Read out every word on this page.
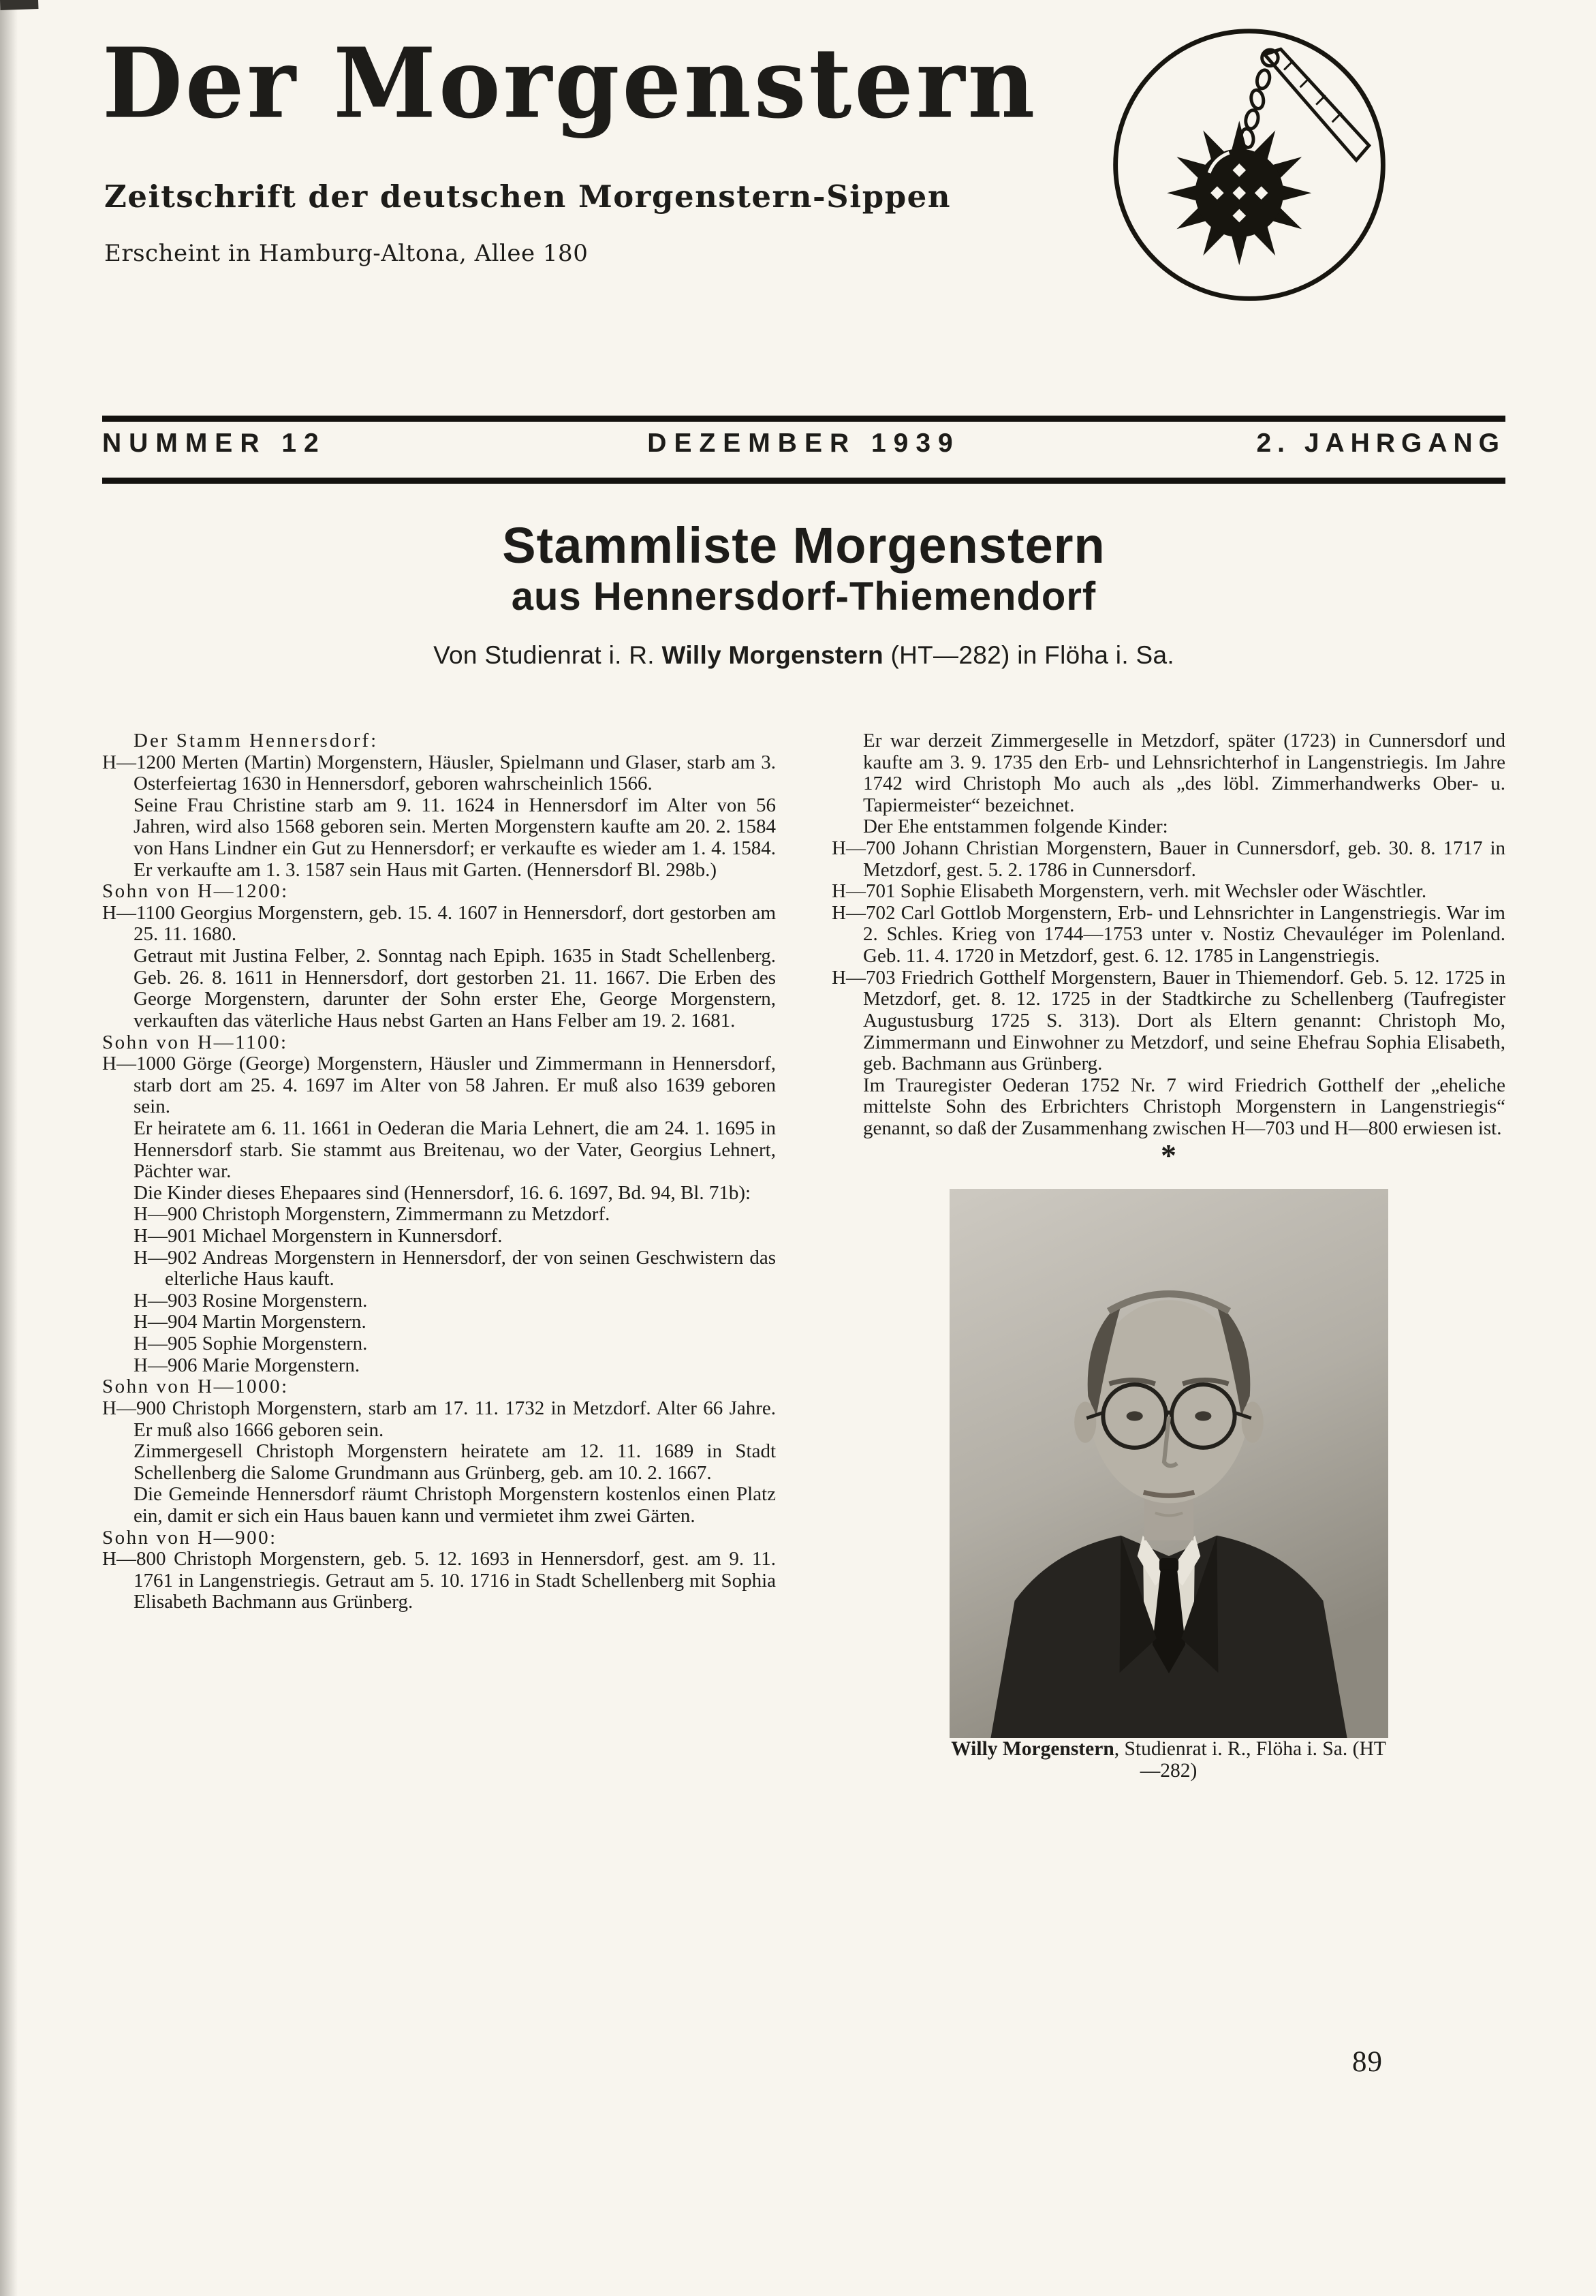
Der Morgenstern
Zeitschrift der deutschen Morgenstern-Sippen
Erscheint in Hamburg-Altona, Allee 180
NUMMER 12	DEZEMBER 1939	2. JAHRGANG
Stammliste Morgenstern
aus Hennersdorf-Thiemendorf
Von Studienrat i. R. Willy Morgenstern (HT—282) in Flöha i. Sa.

Der Stamm Hennersdorf:

H—1200 Merten (Martin) Morgenstern, Häusler, Spielmann und Glaser, starb am 3. Osterfeiertag 1630 in Hennersdorf, geboren wahrscheinlich 1566.

Seine Frau Christine starb am 9. 11. 1624 in Hennersdorf im Alter von 56 Jahren, wird also 1568 geboren sein. Merten Morgenstern kaufte am 20. 2. 1584 von Hans Lindner ein Gut zu Hennersdorf; er verkaufte es wieder am 1. 4. 1584. Er verkaufte am 1. 3. 1587 sein Haus mit Garten. (Hennersdorf Bl. 298b.)

Sohn von H—1200:

H—1100 Georgius Morgenstern, geb. 15. 4. 1607 in Hennersdorf, dort gestorben am 25. 11. 1680.

Getraut mit Justina Felber, 2. Sonntag nach Epiph. 1635 in Stadt Schellenberg. Geb. 26. 8. 1611 in Hennersdorf, dort gestorben 21. 11. 1667. Die Erben des George Morgenstern, darunter der Sohn erster Ehe, George Morgenstern, verkauften das väterliche Haus nebst Garten an Hans Felber am 19. 2. 1681.

Sohn von H—1100:

H—1000 Görge (George) Morgenstern, Häusler und Zimmermann in Hennersdorf, starb dort am 25. 4. 1697 im Alter von 58 Jahren. Er muß also 1639 geboren sein.

Er heiratete am 6. 11. 1661 in Oederan die Maria Lehnert, die am 24. 1. 1695 in Hennersdorf starb. Sie stammt aus Breitenau, wo der Vater, Georgius Lehnert, Pächter war.

Die Kinder dieses Ehepaares sind (Hennersdorf, 16. 6. 1697, Bd. 94, Bl. 71b):

H—900 Christoph Morgenstern, Zimmermann zu Metzdorf.

H—901 Michael Morgenstern in Kunnersdorf.

H—902 Andreas Morgenstern in Hennersdorf, der von seinen Geschwistern das elterliche Haus kauft.

H—903 Rosine Morgenstern.

H—904 Martin Morgenstern.

H—905 Sophie Morgenstern.

H—906 Marie Morgenstern.

Sohn von H—1000:

H—900 Christoph Morgenstern, starb am 17. 11. 1732 in Metzdorf. Alter 66 Jahre. Er muß also 1666 geboren sein.

Zimmergesell Christoph Morgenstern heiratete am 12. 11. 1689 in Stadt Schellenberg die Salome Grundmann aus Grünberg, geb. am 10. 2. 1667.

Die Gemeinde Hennersdorf räumt Christoph Morgenstern kostenlos einen Platz ein, damit er sich ein Haus bauen kann und vermietet ihm zwei Gärten.

Sohn von H—900:

H—800 Christoph Morgenstern, geb. 5. 12. 1693 in Hennersdorf, gest. am 9. 11. 1761 in Langenstriegis. Getraut am 5. 10. 1716 in Stadt Schellenberg mit Sophia Elisabeth Bachmann aus Grünberg.

Er war derzeit Zimmergeselle in Metzdorf, später (1723) in Cunnersdorf und kaufte am 3. 9. 1735 den Erb- und Lehnsrichterhof in Langenstriegis. Im Jahre 1742 wird Christoph Mo auch als „des löbl. Zimmerhandwerks Ober- u. Tapiermeister“ bezeichnet.

Der Ehe entstammen folgende Kinder:

H—700 Johann Christian Morgenstern, Bauer in Cunnersdorf, geb. 30. 8. 1717 in Metzdorf, gest. 5. 2. 1786 in Cunnersdorf.

H—701 Sophie Elisabeth Morgenstern, verh. mit Wechsler oder Wäschtler.

H—702 Carl Gottlob Morgenstern, Erb- und Lehnsrichter in Langenstriegis. War im 2. Schles. Krieg von 1744—1753 unter v. Nostiz Chevauléger im Polenland. Geb. 11. 4. 1720 in Metzdorf, gest. 6. 12. 1785 in Langenstriegis.

H—703 Friedrich Gotthelf Morgenstern, Bauer in Thiemendorf. Geb. 5. 12. 1725 in Metzdorf, get. 8. 12. 1725 in der Stadtkirche zu Schellenberg (Taufregister Augustusburg 1725 S. 313). Dort als Eltern genannt: Christoph Mo, Zimmermann und Einwohner zu Metzdorf, und seine Ehefrau Sophia Elisabeth, geb. Bachmann aus Grünberg.

Im Trauregister Oederan 1752 Nr. 7 wird Friedrich Gotthelf der „eheliche mittelste Sohn des Erbrichters Christoph Morgenstern in Langenstriegis“ genannt, so daß der Zusammenhang zwischen H—703 und H—800 erwiesen ist.

*

Willy Morgenstern, Studienrat i. R., Flöha i. Sa. (HT—282)

89
